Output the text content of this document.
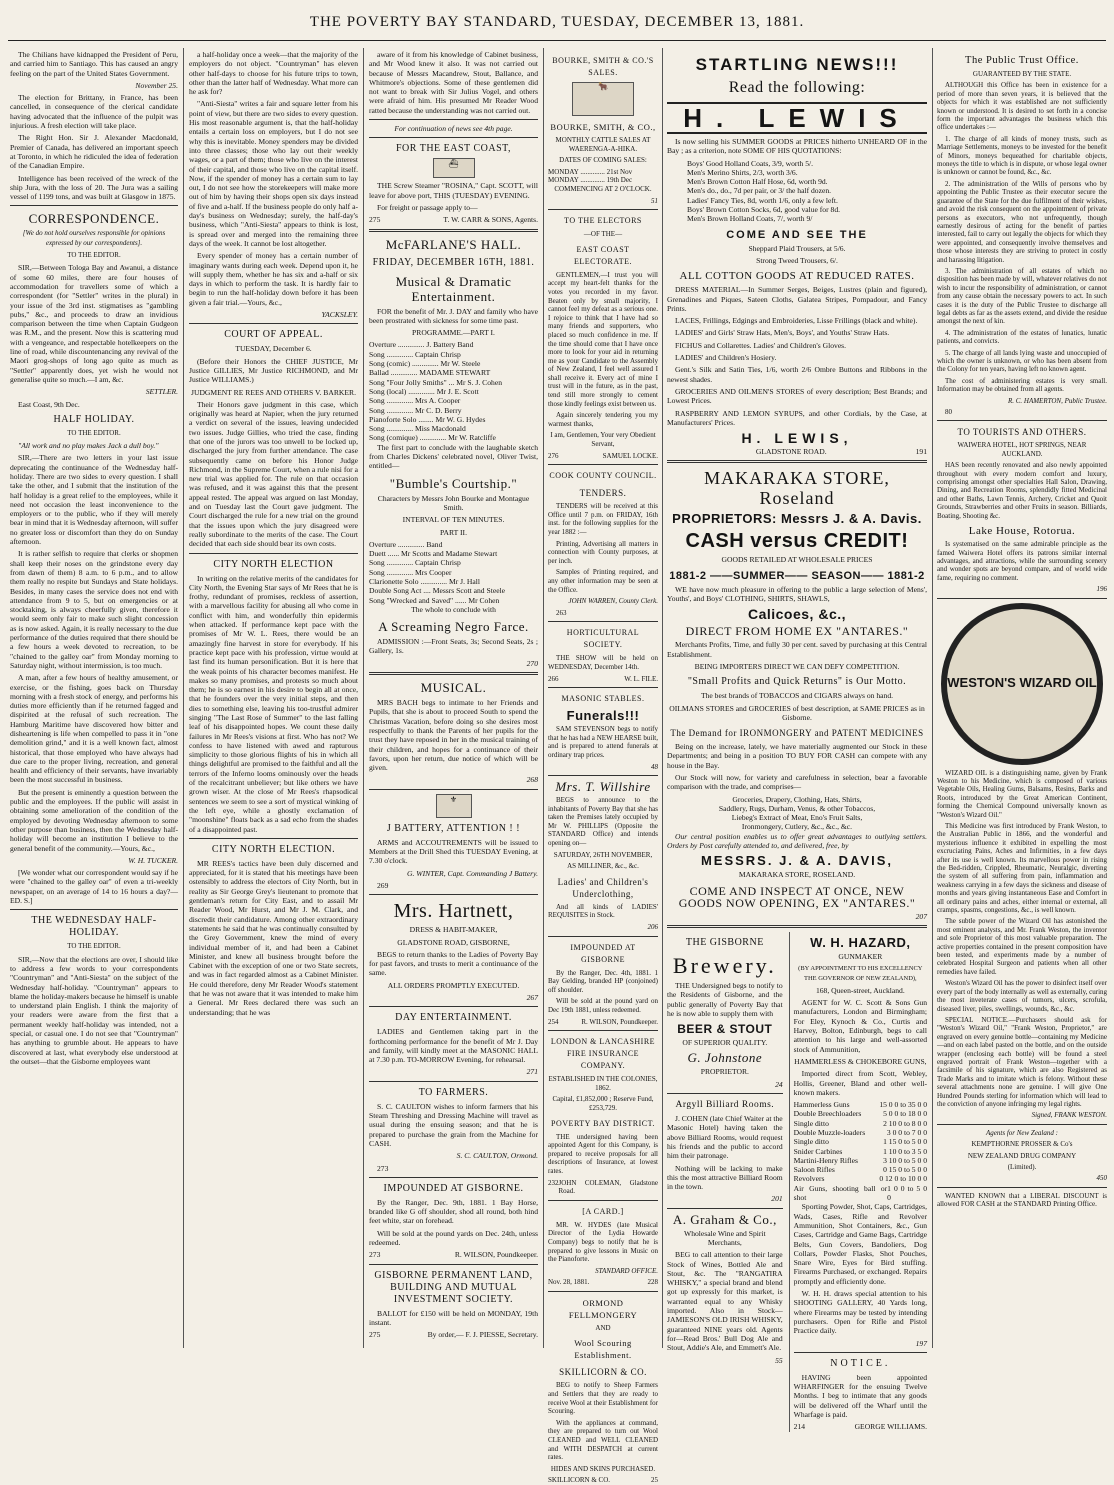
THE POVERTY BAY STANDARD, TUESDAY, DECEMBER 13, 1881.

The Chilians have kidnapped the President of Peru, and carried him to Santiago. This has caused an angry feeling on the part of the United States Government.

November 25.

The election for Brittany, in France, has been cancelled, in consequence of the clerical candidate having advocated that the influence of the pulpit was injurious. A fresh election will take place.

The Right Hon. Sir J. Alexander Macdonald, Premier of Canada, has delivered an important speech at Toronto, in which he ridiculed the idea of federation of the Canadian Empire.

Intelligence has been received of the wreck of the ship Jura, with the loss of 20. The Jura was a sailing vessel of 1199 tons, and was built at Glasgow in 1875.

CORRESPONDENCE.
[We do not hold ourselves responsible for opinions expressed by our correspondents].
TO THE EDITOR.

SIR,—Between Tologa Bay and Awanui, a distance of some 60 miles, there are four houses of accommodation for travellers some of which a correspondent (for "Settler" writes in the plural) in your issue of the 3rd inst. stigmatises as "gambling pubs," &c., and proceeds to draw an invidious comparison between the time when Captain Gudgeon was R.M., and the present. Now this is scattering mud with a vengeance, and respectable hotelkeepers on the line of road, while discountenancing any revival of the Maori grog-shops of long ago quite as much as "Settler" apparently does, yet wish he would not generalise quite so much.—I am, &c.

SETTLER.

East Coast, 9th Dec.

HALF HOLIDAY.
TO THE EDITOR.

"All work and no play makes Jack a dull boy."

SIR,—There are two letters in your last issue deprecating the continuance of the Wednesday half-holiday. There are two sides to every question. I shall take the other, and I submit that the institution of the half holiday is a great relief to the employees, while it need not occasion the least inconvenience to the employers or to the public, who if they will merely bear in mind that it is Wednesday afternoon, will suffer no greater loss or discomfort than they do on Sunday afternoon.

It is rather selfish to require that clerks or shopmen shall keep their noses on the grindstone every day from dawn of them) 8 a.m. to 6 p.m., and to allow them really no respite but Sundays and State holidays. Besides, in many cases the service does not end with attendance from 9 to 5, but on emergencies or at stocktaking, is always cheerfully given, therefore it would seem only fair to make such slight concession as is now asked. Again, it is really necessary to the due performance of the duties required that there should be a few hours a week devoted to recreation, to be "chained to the galley oar" from Monday morning to Saturday night, without intermission, is too much.

A man, after a few hours of healthy amusement, or exercise, or the fishing, goes back on Thursday morning with a fresh stock of energy, and performs his duties more efficiently than if he returned fagged and dispirited at the refusal of such recreation. The Hamburg Maritime have discovered how bitter and disheartening is life when compelled to pass it in "one demolition grind," and it is a well known fact, almost historical, that those employed who have always had due care to the proper living, recreation, and general health and efficiency of their servants, have invariably been the most successful in business.

But the present is eminently a question between the public and the employees. If the public will assist in obtaining some amelioration of the condition of the employed by devoting Wednesday afternoon to some other purpose than business, then the Wednesday half-holiday will become an institution I believe to the general benefit of the community.—Yours, &c.,

W. H. TUCKER.

[We wonder what our correspondent would say if he were "chained to the galley oar" of even a tri-weekly newspaper, on an average of 14 to 16 hours a day?—ED. S.]

THE WEDNESDAY HALF-HOLIDAY.
TO THE EDITOR.

SIR,—Now that the elections are over, I should like to address a few words to your correspondents "Countryman" and "Anti-Siesta" on the subject of the Wednesday half-holiday. "Countryman" appears to blame the holiday-makers because he himself is unable to understand plain English. I think the majority of your readers were aware from the first that a permanent weekly half-holiday was intended, not a special, or casual one. I do not see that "Countryman" has anything to grumble about. He appears to have discovered at last, what everybody else understood at the outset—that the Gisborne employees want

a half-holiday once a week—that the majority of the employers do not object. "Countryman" has eleven other half-days to choose for his future trips to town, other than the latter half of Wednesday. What more can he ask for?

"Anti-Siesta" writes a fair and square letter from his point of view, but there are two sides to every question. His most reasonable argument is, that the half-holiday entails a certain loss on employers, but I do not see why this is inevitable. Money spenders may be divided into three classes; those who lay out their weekly wages, or a part of them; those who live on the interest of their capital, and those who live on the capital itself. Now, if the spender of money has a certain sum to lay out, I do not see how the storekeepers will make more out of him by having their shops open six days instead of five and a-half. If the business people do only half a-day's business on Wednesday; surely, the half-day's business, which "Anti-Siesta" appears to think is lost, is spread over and merged into the remaining three days of the week. It cannot be lost altogether.

Every spender of money has a certain number of imaginary wants during each week. Depend upon it, he will supply them, whether he has six and a-half or six days in which to perform the task. It is hardly fair to begin to run the half-holiday down before it has been given a fair trial.—Yours, &c.,

YACKSLEY.

COURT OF APPEAL.

TUESDAY, December 6.

(Before their Honors the CHIEF JUSTICE, Mr Justice GILLIES, Mr Justice RICHMOND, and Mr Justice WILLIAMS.)

JUDGMENT RE REES AND OTHERS V. BARKER.

Their Honors gave judgment in this case, which originally was heard at Napier, when the jury returned a verdict on several of the issues, leaving undecided two issues. Judge Gillies, who tried the case, finding that one of the jurors was too unwell to be locked up, discharged the jury from further attendance. The case subsequently came on before his Honor Judge Richmond, in the Supreme Court, when a rule nisi for a new trial was applied for. The rule on that occasion was refused, and it was against this that the present appeal rested. The appeal was argued on last Monday, and on Tuesday last the Court gave judgment. The Court discharged the rule for a new trial on the ground that the issues upon which the jury disagreed were really subordinate to the merits of the case. The Court decided that each side should bear its own costs.

CITY NORTH ELECTION

In writing on the relative merits of the candidates for City North, the Evening Star says of Mr Rees that he is frothy, redundant of promises, reckless of assertion, with a marvellous facility for abusing all who come in conflict with him, and wonderfully thin epidermis when attacked. If performance kept pace with the promises of Mr W. L. Rees, there would be an amazingly fine harvest in store for everybody. If his practice kept pace with his profession, virtue would at last find its human personification. But it is here that the weak points of his character becomes manifest. He makes so many promises, and protests so much about them; he is so earnest in his desire to begin all at once, that he founders over the very initial steps, and then dies to something else, leaving his too-trustful admirer singing "The Last Rose of Summer" to the last falling leaf of his disappointed hopes. We count these daily failures in Mr Rees's visions at first. Who has not? We confess to have listened with awed and rapturous simplicity to those glorious flights of his in which all things delightful are promised to the faithful and all the terrors of the Inferno looms ominously over the heads of the recalcitrant unbeliever; but like others we have grown wiser. At the close of Mr Rees's rhapsodical sentences we seem to see a sort of mystical winking of the left eye, while a ghostly exclamation of "moonshine" floats back as a sad echo from the shades of a disappointed past.

CITY NORTH ELECTION.

MR REES's tactics have been duly discerned and appreciated, for it is stated that his meetings have been ostensibly to address the electors of City North, but in reality as Sir George Grey's lieutenant to promote that gentleman's return for City East, and to assail Mr Reader Wood, Mr Hurst, and Mr J. M. Clark, and discredit their candidature. Among other extraordinary statements he said that he was continually consulted by the Grey Government, knew the mind of every individual member of it, and had been a Cabinet Minister, and knew all business brought before the Cabinet with the exception of one or two State secrets, and was in fact regarded almost as a Cabinet Minister. He could therefore, deny Mr Reader Wood's statement that he was not aware that it was intended to make him a General. Mr Rees declared there was such an understanding; that he was

aware of it from his knowledge of Cabinet business, and Mr Wood knew it also. It was not carried out because of Messrs Macandrew, Stout, Ballance, and Whitmore's objections. Some of these gentlemen did not want to break with Sir Julius Vogel, and others were afraid of him. His presumed Mr Reader Wood ratted because the understanding was not carried out.

For continuation of news see 4th page.

FOR THE EAST COAST,
⛴

THE Screw Steamer "ROSINA," Capt. SCOTT, will leave for above port, THIS (TUESDAY) EVENING.

For freight or passage apply to—

275	T. W. CARR & SONS, Agents.
McFARLANE'S HALL.
FRIDAY, DECEMBER 16TH, 1881.
Musical & Dramatic Entertainment.

FOR the benefit of Mr. J. DAY and family who have been prostrated with sickness for some time past.

PROGRAMME.—PART I.

Overture .............. J. Battery Band
Song .............. Captain Chrisp
Song (comic) .............. Mr W. Steele
Ballad .............. MADAME STEWART
Song "Four Jolly Smiths" ... Mr S. J. Cohen
Song (local) .............. Mr J. E. Scott
Song .............. Mrs A. Cooper
Song .............. Mr C. D. Berry
Pianoforte Solo ........ Mr W. G. Hydes
Song .............. Miss Macdonald
Song (comique) .............. Mr W. Ratcliffe

The first part to conclude with the laughable sketch from Charles Dickens' celebrated novel, Oliver Twist, entitled—

"Bumble's Courtship."

Characters by Messrs John Bourke and Montague Smith.

INTERVAL OF TEN MINUTES.

PART II.

Overture .............. Band
Duett ...... Mr Scotts and Madame Stewart
Song .............. Captain Chrisp
Song .............. Mrs Cooper
Clarionette Solo .............. Mr J. Hall
Double Song Act .... Messrs Scott and Steele
Song "Wrecked and Saved" ...... Mr Cohen

The whole to conclude with

A Screaming Negro Farce.

ADMISSION :—Front Seats, 3s; Second Seats, 2s ; Gallery, 1s.

270

MUSICAL.

MRS BACH begs to intimate to her Friends and Pupils, that she is about to proceed South to spend the Christmas Vacation, before doing so she desires most respectfully to thank the Parents of her pupils for the trust they have reposed in her in the musical training of their children, and hopes for a continuance of their favors, upon her return, due notice of which will be given.

268

⚜
J BATTERY, ATTENTION ! !

ARMS and ACCOUTREMENTS will be issued to Members at the Drill Shed this TUESDAY Evening, at 7.30 o'clock.

G. WINTER, Capt. Commanding J Battery.

269

Mrs. Hartnett,

DRESS & HABIT-MAKER,

GLADSTONE ROAD, GISBORNE,

BEGS to return thanks to the Ladies of Poverty Bay for past favors, and trusts to merit a continuance of the same.

ALL ORDERS PROMPTLY EXECUTED.

267

DAY ENTERTAINMENT.

LADIES and Gentlemen taking part in the forthcoming performance for the benefit of Mr J. Day and family, will kindly meet at the MASONIC HALL at 7.30 p.m. TO-MORROW Evening, for rehearsal.

271

TO FARMERS.

S. C. CAULTON wishes to inform farmers that his Steam Threshing and Dressing Machine will travel as usual during the ensuing season; and that he is prepared to purchase the grain from the Machine for CASH.

S. C. CAULTON, Ormond.

273

IMPOUNDED AT GISBORNE.

By the Ranger, Dec. 9th, 1881. 1 Bay Horse, branded like G off shoulder, shod all round, both hind feet white, star on forehead.

Will be sold at the pound yards on Dec. 24th, unless redeemed.

273	R. WILSON, Poundkeeper.
GISBORNE PERMANENT LAND, BUILDING AND MUTUAL INVESTMENT SOCIETY.

BALLOT for £150 will be held on MONDAY, 19th instant.

275	By order,— F. J. PIESSE, Secretary.
BOURKE, SMITH & CO.'S SALES.
🐂
BOURKE, SMITH, & CO.,

MONTHLY CATTLE SALES AT WAERENGA-A-HIKA.

DATES OF COMING SALES:

MONDAY .............. 21st Nov
MONDAY .............. 19th Dec

COMMENCING AT 2 O'CLOCK.

51

TO THE ELECTORS
—OF THE—
EAST COAST ELECTORATE.

GENTLEMEN,—I trust you will accept my heart-felt thanks for the votes you recorded in my favor. Beaten only by small majority, I cannot feel my defeat as a serious one. I rejoice to think that I have had so many friends and supporters, who placed so much confidence in me. If the time should come that I have once more to look for your aid in returning me as your Candidate to the Assembly of New Zealand, I feel well assured I shall receive it. Every act of mine I trust will in the future, as in the past, tend still more strongly to cement those kindly feelings exist between us.

Again sincerely tendering you my warmest thanks,

I am, Gentlemen, Your very Obedient Servant,

276	SAMUEL LOCKE.
COOK COUNTY COUNCIL.
TENDERS.

TENDERS will be received at this Office until 7 p.m. on FRIDAY, 16th inst. for the following supplies for the year 1882 :—

Printing, Advertising all matters in connection with County purposes, at per inch.

Samples of Printing required, and any other information may be seen at the Office.

JOHN WARREN, County Clerk.

263

HORTICULTURAL SOCIETY.

THE SHOW will be held on WEDNESDAY, December 14th.

266	W. L. FILE.
MASONIC STABLES.
Funerals!!!

SAM STEVENSON begs to notify that he has had a NEW HEARSE built, and is prepared to attend funerals at ordinary trap prices.

48

Mrs. T. Willshire

BEGS to announce to the inhabitants of Poverty Bay that she has taken the Premises lately occupied by Mr W. PHILLIPS (Opposite the STANDARD Office) and intends opening on—

SATURDAY, 26TH NOVEMBER,

AS MILLINER, &c., &c.

Ladies' and Children's Underclothing,

And all kinds of LADIES' REQUISITES in Stock.

206

IMPOUNDED AT GISBORNE

By the Ranger, Dec. 4th, 1881. 1 Bay Gelding, branded HP (conjoined) off shoulder.

Will be sold at the pound yard on Dec 19th 1881, unless redeemed.

254	R. WILSON, Poundkeeper.
LONDON & LANCASHIRE FIRE INSURANCE COMPANY.

ESTABLISHED IN THE COLONIES, 1862.

Capital, £1,852,000 ; Reserve Fund, £253,729.

POVERTY BAY DISTRICT.

THE undersigned having been appointed Agent for this Company, is prepared to receive proposals for all descriptions of Insurance, at lowest rates.

232 JOHN COLEMAN, Gladstone Road.
[A CARD.]

MR. W. HYDES (late Musical Director of the Lydia Howarde Company) begs to notify that he is prepared to give lessons in Music on the Pianoforte.

STANDARD OFFICE.

Nov. 28, 1881.	228
ORMOND FELLMONGERY
AND
Wool Scouring Establishment.
SKILLICORN & CO.

BEG to notify to Sheep Farmers and Settlers that they are ready to receive Wool at their Establishment for Scouring.

With the appliances at command, they are prepared to turn out Wool CLEANED and WELL CLEANED and WITH DESPATCH at current rates.

HIDES AND SKINS PURCHASED.

SKILLICORN & CO.	25
STARTLING NEWS!!!
Read the following:
H. LEWIS

Is now selling his SUMMER GOODS at PRICES hitherto UNHEARD OF in the Bay ; as a criterion, note SOME OF HIS QUOTATIONS:

Boys' Good Holland Coats, 3/9, worth 5/.
Men's Merino Shirts, 2/3, worth 3/6.
Men's Brown Cotton Half Hose, 6d, worth 9d.
Men's do., do., 7d per pair, or 3/ the half dozen.
Ladies' Fancy Ties, 8d, worth 1/6, only a few left.
Boys' Brown Cotton Socks, 6d, good value for 8d.
Men's Brown Holland Coats, 7/, worth 9/
COME AND SEE THE

Sheppard Plaid Trousers, at 5/6.

Strong Tweed Trousers, 6/.

ALL COTTON GOODS AT REDUCED RATES.

DRESS MATERIAL—In Summer Serges, Beiges, Lustres (plain and figured), Grenadines and Piques, Sateen Cloths, Galatea Stripes, Pompadour, and Fancy Prints.

LACES, Frillings, Edgings and Embroideries, Lisse Frillings (black and white).

LADIES' and Girls' Straw Hats, Men's, Boys', and Youths' Straw Hats.

FICHUS and Collarettes. Ladies' and Children's Gloves.

LADIES' and Children's Hosiery.

Gent.'s Silk and Satin Ties, 1/6, worth 2/6 Ombre Buttons and Ribbons in the newest shades.

GROCERIES AND OILMEN'S STORES of every description; Best Brands; and Lowest Prices.

RASPBERRY AND LEMON SYRUPS, and other Cordials, by the Case, at Manufacturers' Prices.

H. LEWIS,
GLADSTONE ROAD.	191
MAKARAKA STORE, Roseland
PROPRIETORS: Messrs J. & A. Davis.
CASH versus CREDIT!

GOODS RETAILED AT WHOLESALE PRICES

1881-2 ——SUMMER—— SEASON—— 1881-2

WE have now much pleasure in offering to the public a large selection of Mens', Youths', and Boys' CLOTHING, SHIRTS, SHAWLS,

Calicoes, &c.,
DIRECT FROM HOME EX "ANTARES."

Merchants Profits, Time, and fully 30 per cent. saved by purchasing at this Central Establishment.

BEING IMPORTERS DIRECT WE CAN DEFY COMPETITION.

"Small Profits and Quick Returns" is Our Motto.

The best brands of TOBACCOS and CIGARS always on hand.

OILMANS STORES and GROCERIES of best description, at SAME PRICES as in Gisborne.

The Demand for IRONMONGERY and PATENT MEDICINES

Being on the increase, lately, we have materially augmented our Stock in these Departments; and being in a position TO BUY FOR CASH can compete with any house in the Bay.

Our Stock will now, for variety and carefulness in selection, bear a favorable comparison with the trade, and comprises—

Groceries, Drapery, Clothing, Hats, Shirts,
Saddlery, Rugs, Durham, Venus, & other Tobaccos,
Liebeg's Extract of Meat, Eno's Fruit Salts,
Ironmongery, Cutlery, &c., &c., &c.

Our central position enables us to offer great advantages to outlying settlers. Orders by Post carefully attended to, and delivered, free, by

MESSRS. J. & A. DAVIS,

MAKARAKA STORE, ROSELAND.

COME AND INSPECT AT ONCE, NEW GOODS NOW OPENING, EX "ANTARES."

207

THE GISBORNE
Brewery.

THE Undersigned begs to notify to the Residents of Gisborne, and the public generally of Poverty Bay that he is now able to supply them with

BEER & STOUT

OF SUPERIOR QUALITY.

G. Johnstone

PROPRIETOR.

24

Argyll Billiard Rooms.

J. COHEN (late Chief Waiter at the Masonic Hotel) having taken the above Billiard Rooms, would request his friends and the public to accord him their patronage.

Nothing will be lacking to make this the most attractive Billiard Room in the town.

201

A. Graham & Co.,

Wholesale Wine and Spirit Merchants,

BEG to call attention to their large Stock of Wines, Bottled Ale and Stout, &c. The "RANGATIRA WHISKY," a special brand and blend got up expressly for this market, is warranted equal to any Whisky imported. Also in Stock—JAMIESON'S OLD IRISH WHISKY, guaranteed NINE years old. Agents for—Read Bros.' Bull Dog Ale and Stout, Addie's Ale, and Emmett's Ale.

55

W. H. HAZARD,

GUNMAKER

(BY APPOINTMENT TO HIS EXCELLENCY THE GOVERNOR OF NEW ZEALAND),

168, Queen-street, Auckland.

AGENT for W. C. Scott & Sons Gun manufacturers, London and Birmingham; For Eley, Kynoch & Co., Curtis and Harvey, Bolton, Edinburgh, begs to call attention to his large and well-assorted stock of Ammunition,

HAMMERLESS & CHOKEBORE GUNS,

Imported direct from Scott, Webley, Hollis, Greener, Bland and other well-known makers.

Hammerless Guns	15 0 0 to 35 0 0
Double Breechloaders	5 0 0 to 18 0 0
Single ditto	2 10 0 to 8 0 0
Double Muzzle-loaders	3 0 0 to 7 0 0
Single ditto	1 15 0 to 5 0 0
Snider Carbines	1 10 0 to 3 5 0
Martini-Henry Rifles	3 10 0 to 5 0 0
Saloon Rifles	0 15 0 to 5 0 0
Revolvers	0 12 0 to 10 0 0
Air Guns, shooting ball or shot
1 0 0 to 5 0 0

Sporting Powder, Shot, Caps, Cartridges, Wads, Cases, Rifle and Revolver Ammunition, Shot Containers, &c., Gun Cases, Cartridge and Game Bags, Cartridge Belts, Gun Covers, Bandoliers, Dog Collars, Powder Flasks, Shot Pouches, Snare Wire, Eyes for Bird stuffing. Firearms Purchased, or exchanged. Repairs promptly and efficiently done.

W. H. H. draws special attention to his SHOOTING GALLERY, 40 Yards long, where Firearms may be tested by intending purchasers. Open for Rifle and Pistol Practice daily.

197

NOTICE.

HAVING been appointed WHARFINGER for the ensuing Twelve Months. I beg to intimate that any goods will be delivered off the Wharf until the Wharfage is paid.

214	GEORGE WILLIAMS.
The Public Trust Office.
GUARANTEED BY THE STATE.

ALTHOUGH this Office has been in existence for a period of more than seven years, it is believed that the objects for which it was established are not sufficiently known or understood. It is desired to set forth in a concise form the important advantages the business which this office undertakes :—

1. The charge of all kinds of money trusts, such as Marriage Settlements, moneys to be invested for the benefit of Minors, moneys bequeathed for charitable objects, moneys the title to which is in dispute, or whose legal owner is unknown or cannot be found, &c., &c.

2. The administration of the Wills of persons who by appointing the Public Trustee as their executor secure the guarantee of the State for the due fulfilment of their wishes, and avoid the risk consequent on the appointment of private persons as executors, who not unfrequently, though earnestly desirous of acting for the benefit of parties interested, fail to carry out legally the objects for which they were appointed, and consequently involve themselves and those whose interests they are striving to protect in costly and harassing litigation.

3. The administration of all estates of which no disposition has been made by will, whatever relatives do not wish to incur the responsibility of administration, or cannot from any cause obtain the necessary powers to act. In such cases it is the duty of the Public Trustee to discharge all legal debts as far as the assets extend, and divide the residue amongst the next of kin.

4. The administration of the estates of lunatics, lunatic patients, and convicts.

5. The charge of all lands lying waste and unoccupied of which the owner is unknown, or who has been absent from the Colony for ten years, having left no known agent.

The cost of administering estates is very small. Information may be obtained from all agents.

R. C. HAMERTON, Public Trustee.

80

TO TOURISTS AND OTHERS.

WAIWERA HOTEL, HOT SPRINGS, NEAR AUCKLAND.

HAS been recently renovated and also newly appointed throughout with every modern comfort and luxury, comprising amongst other specialties Hall Salon, Drawing, Dining, and Recreation Rooms, splendidly fitted Medicinal and other Baths, Lawn Tennis, Archery, Cricket and Quoit Grounds, Strawberries and other Fruits in season. Billiards, Boating, Shooting &c.

Lake House, Rotorua.

Is systematised on the same admirable principle as the famed Waiwera Hotel offers its patrons similar internal advantages, and attractions, while the surrounding scenery and wonder spots are beyond compare, and of world wide fame, requiring no comment.

196

WESTON'S WIZARD OIL

WIZARD OIL is a distinguishing name, given by Frank Weston to his Medicine, which is composed of various Vegetable Oils, Healing Gums, Balsams, Resins, Barks and Roots, introduced by the Great American Continent, forming the Chemical Compound universally known as "Weston's Wizard Oil."

This Medicine was first introduced by Frank Weston, to the Australian Public in 1866, and the wonderful and mysterious influence it exhibited in expelling the most excruciating Pains, Aches and Infirmities, in a few days after its use is well known. Its marvellous power in rising the Bed-ridden, Crippled, Rheumatic, Neuralgic, diverting the system of all suffering from pain, inflammation and weakness carrying in a few days the sickness and disease of months and years giving instantaneous Ease and Comfort in all ordinary pains and aches, either internal or external, all cramps, spasms, congestions, &c., is well known.

The subtle power of the Wizard Oil has astonished the most eminent analysts, and Mr. Frank Weston, the inventor and sole Proprietor of this most valuable preparation. The active properties contained in the present composition have been tested, and experiments made by a number of celebrated Hospital Surgeon and patients when all other remedies have failed.

Weston's Wizard Oil has the power to disinfect itself over every part of the body internally as well as externally, curing the most inveterate cases of tumors, ulcers, scrofula, diseased liver, piles, swellings, wounds, &c., &c.

SPECIAL NOTICE.—Purchasers should ask for "Weston's Wizard Oil," "Frank Weston, Proprietor," are engraved on every genuine bottle—containing my Medicine—and on each label pasted on the bottle, and on the outside wrapper (enclosing each bottle) will be found a steel engraved portrait of Frank Weston—together with a facsimile of his signature, which are also Registered as Trade Marks and to imitate which is felony. Without these several attachments none are genuine. I will give One Hundred Pounds sterling for information which will lead to the conviction of anyone infringing my legal rights.

Signed, FRANK WESTON.

Agents for New Zealand :

KEMPTHORNE PROSSER & Co's

NEW ZEALAND DRUG COMPANY

(Limited).

450

WANTED KNOWN that a LIBERAL DISCOUNT is allowed FOR CASH at the STANDARD Printing Office.
